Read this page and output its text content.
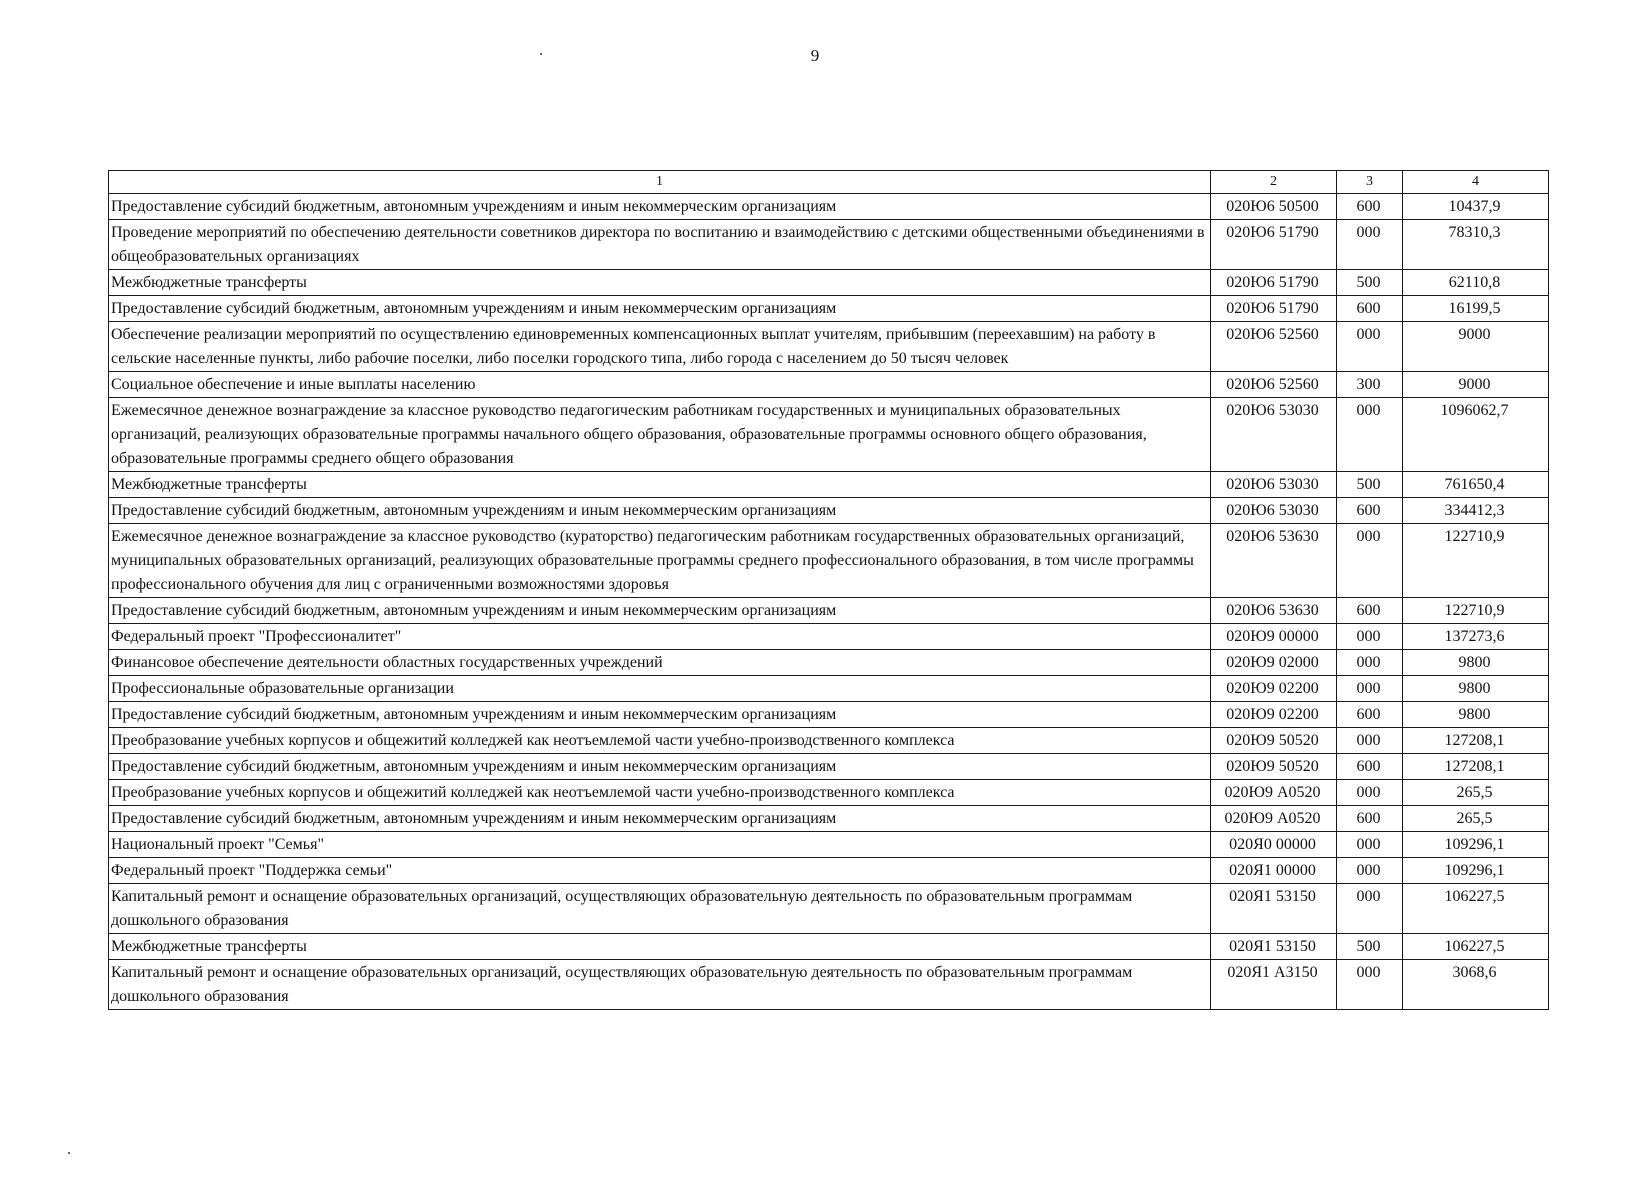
9
1	2	3	4
Предоставление субсидий бюджетным, автономным учреждениям и иным некоммерческим организациям	020Ю6 50500	600	10437,9
Проведение мероприятий по обеспечению деятельности советников директора по воспитанию и взаимодействию с детскими общественными объединениями в общеобразовательных организациях	020Ю6 51790	000	78310,3
Межбюджетные трансферты	020Ю6 51790	500	62110,8
Предоставление субсидий бюджетным, автономным учреждениям и иным некоммерческим организациям	020Ю6 51790	600	16199,5
Обеспечение реализации мероприятий по осуществлению единовременных компенсационных выплат учителям, прибывшим (переехавшим) на работу в сельские населенные пункты, либо рабочие поселки, либо поселки городского типа, либо города с населением до 50 тысяч человек	020Ю6 52560	000	9000
Социальное обеспечение и иные выплаты населению	020Ю6 52560	300	9000
Ежемесячное денежное вознаграждение за классное руководство педагогическим работникам государственных и муниципальных образовательных организаций, реализующих образовательные программы начального общего образования, образовательные программы основного общего образования, образовательные программы среднего общего образования	020Ю6 53030	000	1096062,7
Межбюджетные трансферты	020Ю6 53030	500	761650,4
Предоставление субсидий бюджетным, автономным учреждениям и иным некоммерческим организациям	020Ю6 53030	600	334412,3
Ежемесячное денежное вознаграждение за классное руководство (кураторство) педагогическим работникам государственных образовательных организаций, муниципальных образовательных организаций, реализующих образовательные программы среднего профессионального образования, в том числе программы профессионального обучения для лиц с ограниченными возможностями здоровья	020Ю6 53630	000	122710,9
Предоставление субсидий бюджетным, автономным учреждениям и иным некоммерческим организациям	020Ю6 53630	600	122710,9
Федеральный проект "Профессионалитет"	020Ю9 00000	000	137273,6
Финансовое обеспечение деятельности областных государственных учреждений	020Ю9 02000	000	9800
Профессиональные образовательные организации	020Ю9 02200	000	9800
Предоставление субсидий бюджетным, автономным учреждениям и иным некоммерческим организациям	020Ю9 02200	600	9800
Преобразование учебных корпусов и общежитий колледжей как неотъемлемой части учебно-производственного комплекса	020Ю9 50520	000	127208,1
Предоставление субсидий бюджетным, автономным учреждениям и иным некоммерческим организациям	020Ю9 50520	600	127208,1
Преобразование учебных корпусов и общежитий колледжей как неотъемлемой части учебно-производственного комплекса	020Ю9 А0520	000	265,5
Предоставление субсидий бюджетным, автономным учреждениям и иным некоммерческим организациям	020Ю9 А0520	600	265,5
Национальный проект "Семья"	020Я0 00000	000	109296,1
Федеральный проект "Поддержка семьи"	020Я1 00000	000	109296,1
Капитальный ремонт и оснащение образовательных организаций, осуществляющих образовательную деятельность по образовательным программам дошкольного образования	020Я1 53150	000	106227,5
Межбюджетные трансферты	020Я1 53150	500	106227,5
Капитальный ремонт и оснащение образовательных организаций, осуществляющих образовательную деятельность по образовательным программам дошкольного образования	020Я1 А3150	000	3068,6
